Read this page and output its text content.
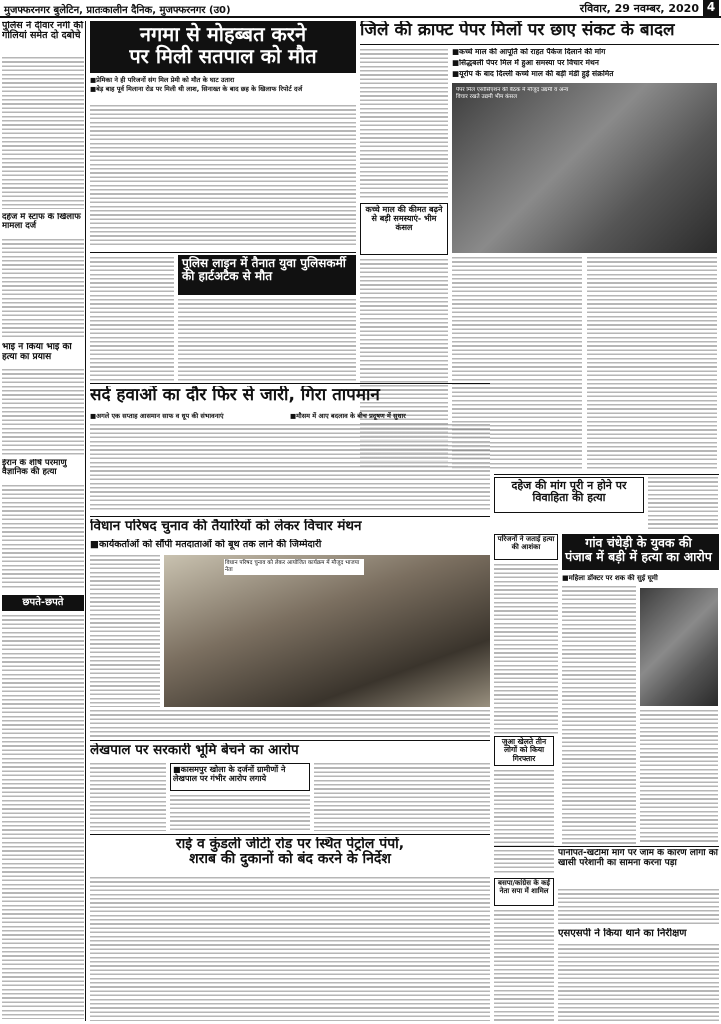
मुजफ्फरनगर बुलेटिन, प्रातःकालीन दैनिक, मुजफ्फरनगर (उ0)	रविवार, 29 नवम्बर, 2020 4
पुलिस ने दीवार नगी की गोलियां समेत दो दबोचे
दहेज में स्टाफ के खिलाफ मामला दर्ज
भाई ने किया भाई की हत्या का प्रयास
ईरान के शीर्ष परमाणु वैज्ञानिक की हत्या
छपते-छपते
नगमा से मोहब्बत करने
पर मिली सतपाल को मौत
■ प्रेमिका ने ही परिजनों संग मिल प्रेमी को मौत के घाट उतारा
■ बेड़ बाह पूर्व मिलाना रोड पर मिली थी लाश, सिनाख्त के बाद छह के खिलाफ रिपोर्ट दर्ज
जिले की क्राफ्ट पेपर मिलों पर छाए संकट के बादल
■ कच्चे माल की आपूर्ति को राहत पैकेज दिलाने की मांग
■ सिद्धबली पेपर मिल में हुआ समस्या पर विचार मंथन
■ यूरोप के बाद दिल्ली कच्चे माल की बड़ी मंडी हुई संक्रमित
पेपर मिल एसोसिएशन की बैठक में मौजूद उद्यमी व अन्य विचार रखते उद्यमी भीम कंसल
कच्चे माल की कीमत बढ़ने से बड़ी समस्याएं- भीम कंसल
पुलिस लाइन में तैनात युवा पुलिसकर्मी की हार्टअटैक से मौत
सर्द हवाओं का दौर फिर से जारी, गिरा तापमान
■ अगले एक सप्ताह आसमान साफ व धूप की संभावनाएं
■	मौसम में आए बदलाव के बीच प्रदूषण में सुधार
दहेज की मांग पूरी न होने पर विवाहिता की हत्या
विधान परिषद चुनाव की तैयारियों को लेकर विचार मंथन
■ कार्यकर्ताओं को सौंपी मतदाताओं को बूथ तक लाने की जिम्मेदारी
विधान परिषद चुनाव को लेकर आयोजित कार्यक्रम में मौजूद भाजपा नेता
लेखपाल पर सरकारी भूमि बेचने का आरोप
■ कासमपुर खोला के दर्जनों ग्रामीणों ने लेखपाल पर गंभीर आरोप लगाये
जुआ खेलते तीन लोगों को किया गिरफ्तार
परिजनों ने जताई हत्या की आशंका	गांव चंधेड़ी के युवक की
पंजाब में बड़ी में हत्या का आरोप
■ महिला डॉक्टर पर शक की सुई घूमी
पानीपत-खटीमा मार्ग पर जाम के कारण लोगों को खासी परेशानी का सामना करना पड़ा
राई व कुंडली जीटी रोड पर स्थित पेट्रोल पंपों,
शराब की दुकानों को बंद करने के निर्देश
एसएसपी ने किया थाने का निरीक्षण
बसपा/कांग्रेस के कई नेता सपा में शामिल
